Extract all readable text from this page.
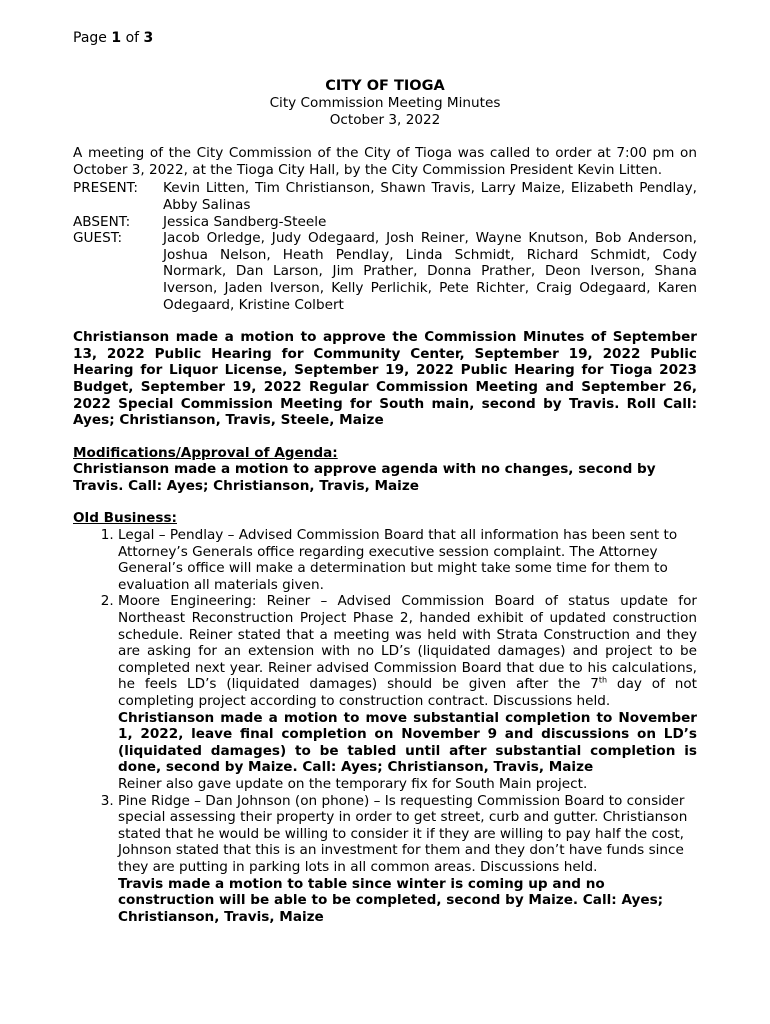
Page 1 of 3
CITY OF TIOGA
City Commission Meeting Minutes
October 3, 2022

A meeting of the City Commission of the City of Tioga was called to order at 7:00 pm on October 3, 2022, at the Tioga City Hall, by the City Commission President Kevin Litten.

PRESENT:	Kevin Litten, Tim Christianson, Shawn Travis, Larry Maize, Elizabeth Pendlay, Abby Salinas
ABSENT:	Jessica Sandberg-Steele
GUEST:	Jacob Orledge, Judy Odegaard, Josh Reiner, Wayne Knutson, Bob Anderson, Joshua Nelson, Heath Pendlay, Linda Schmidt, Richard Schmidt, Cody Normark, Dan Larson, Jim Prather, Donna Prather, Deon Iverson, Shana Iverson, Jaden Iverson, Kelly Perlichik, Pete Richter, Craig Odegaard, Karen Odegaard, Kristine Colbert

Christianson made a motion to approve the Commission Minutes of September 13, 2022 Public Hearing for Community Center, September 19, 2022 Public Hearing for Liquor License, September 19, 2022 Public Hearing for Tioga 2023 Budget, September 19, 2022 Regular Commission Meeting and September 26, 2022 Special Commission Meeting for South main, second by Travis. Roll Call: Ayes; Christianson, Travis, Steele, Maize

Modifications/Approval of Agenda:

Christianson made a motion to approve agenda with no changes, second by Travis. Call: Ayes; Christianson, Travis, Maize

Old Business:

1. Legal – Pendlay – Advised Commission Board that all information has been sent to Attorney’s Generals office regarding executive session complaint. The Attorney General’s office will make a determination but might take some time for them to evaluation all materials given.
2. Moore Engineering: Reiner – Advised Commission Board of status update for Northeast Reconstruction Project Phase 2, handed exhibit of updated construction schedule. Reiner stated that a meeting was held with Strata Construction and they are asking for an extension with no LD’s (liquidated damages) and project to be completed next year. Reiner advised Commission Board that due to his calculations, he feels LD’s (liquidated damages) should be given after the 7th day of not completing project according to construction contract. Discussions held.
Christianson made a motion to move substantial completion to November 1, 2022, leave final completion on November 9 and discussions on LD’s (liquidated damages) to be tabled until after substantial completion is done, second by Maize. Call: Ayes; Christianson, Travis, Maize
Reiner also gave update on the temporary fix for South Main project.
3. Pine Ridge – Dan Johnson (on phone) – Is requesting Commission Board to consider special assessing their property in order to get street, curb and gutter. Christianson stated that he would be willing to consider it if they are willing to pay half the cost, Johnson stated that this is an investment for them and they don’t have funds since they are putting in parking lots in all common areas. Discussions held.
Travis made a motion to table since winter is coming up and no construction will be able to be completed, second by Maize. Call: Ayes; Christianson, Travis, Maize
